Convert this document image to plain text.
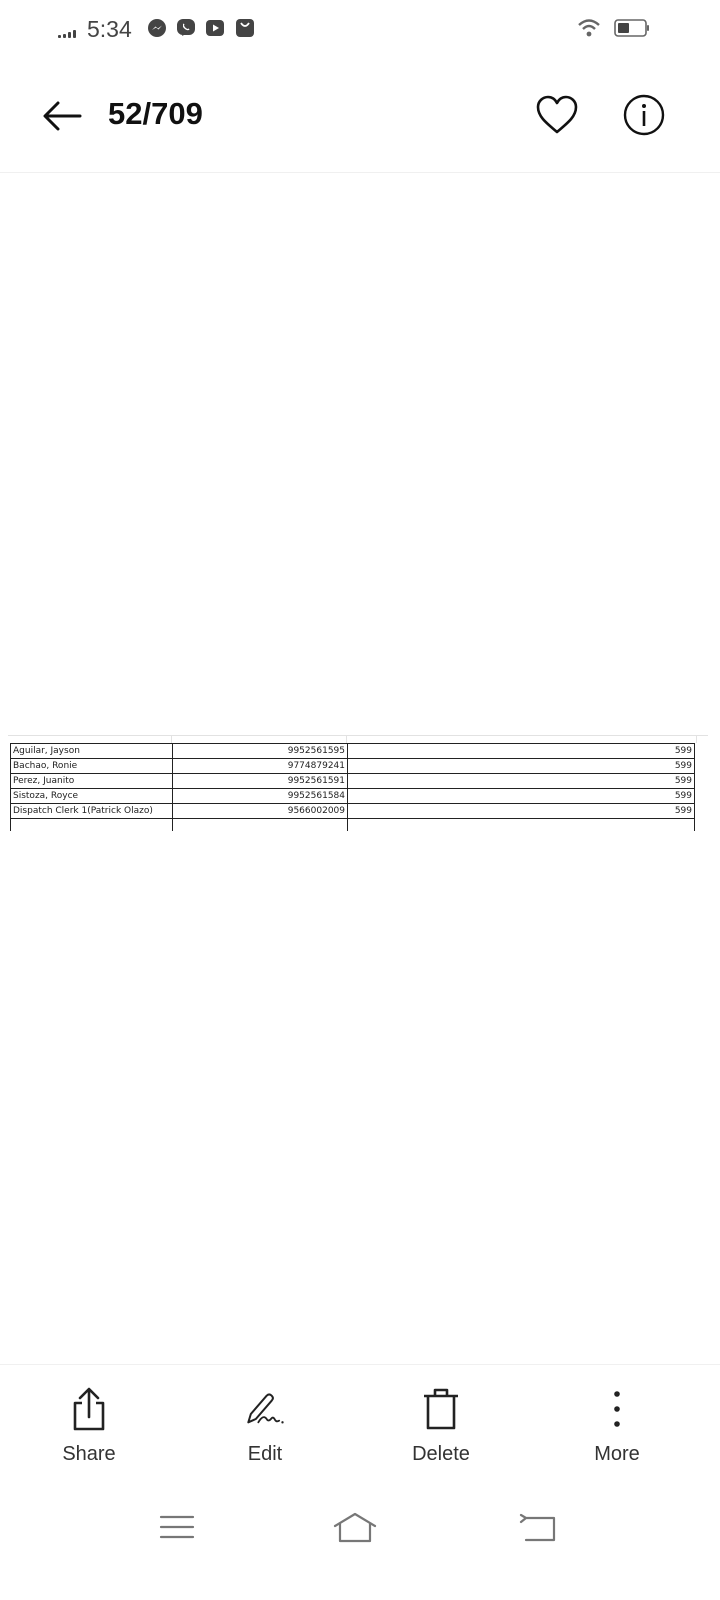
5:34
52/709
Aguilar, Jayson	9952561595	599
Bachao, Ronie	9774879241	599
Perez, Juanito	9952561591	599
Sistoza, Royce	9952561584	599
Dispatch Clerk 1(Patrick Olazo)	9566002009	599

Share	Edit	Delete	More
